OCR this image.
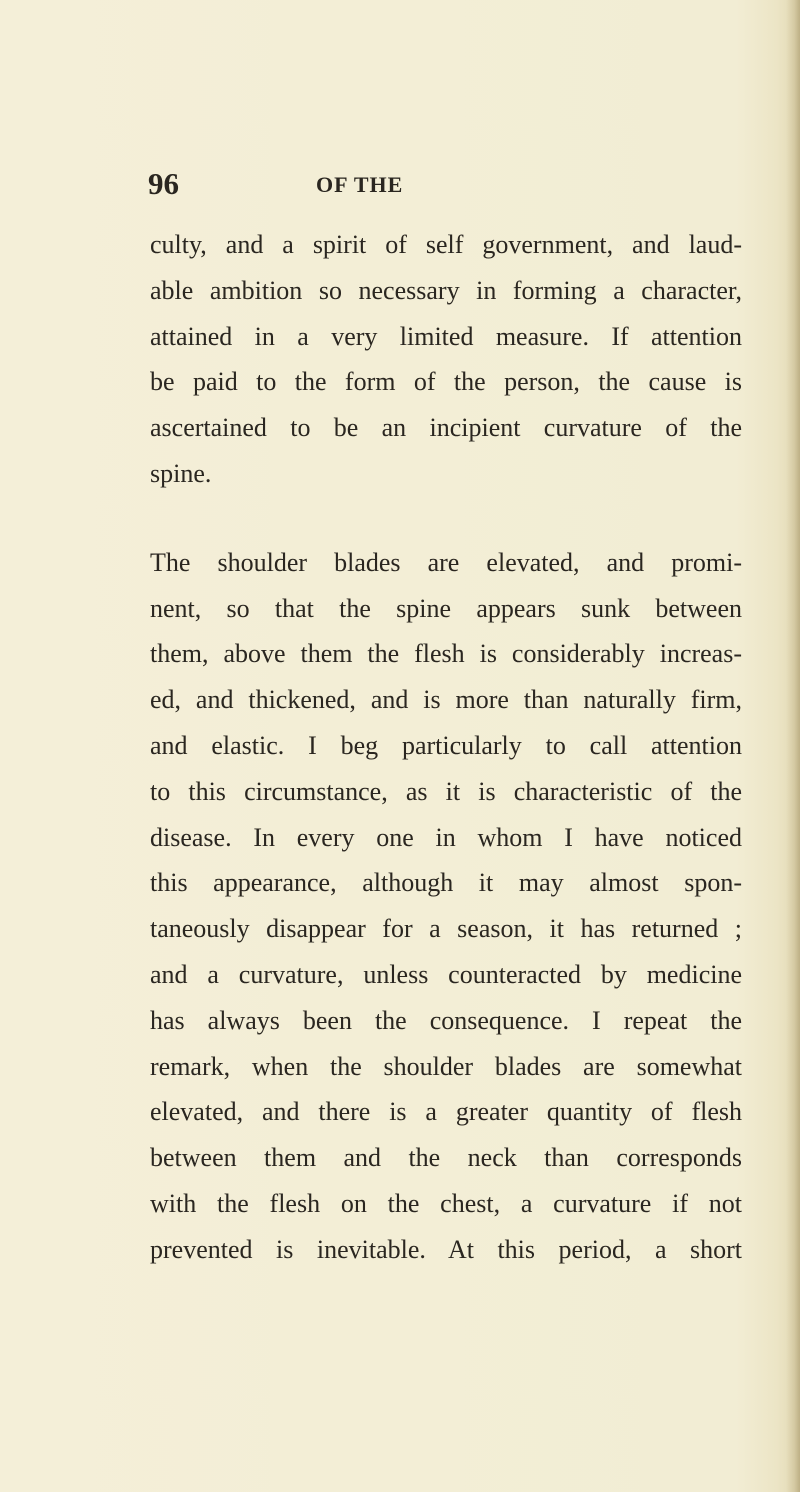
96	OF THE
culty, and a spirit of self government, and laud-
able ambition so necessary in forming a character,
attained in a very limited measure. If attention
be paid to the form of the person, the cause is
ascertained to be an incipient curvature of the
spine.
The shoulder blades are elevated, and promi-
nent, so that the spine appears sunk between
them, above them the flesh is considerably increas-
ed, and thickened, and is more than naturally firm,
and elastic. I beg particularly to call attention
to this circumstance, as it is characteristic of the
disease. In every one in whom I have noticed
this appearance, although it may almost spon-
taneously disappear for a season, it has returned ;
and a curvature, unless counteracted by medicine
has always been the consequence. I repeat the
remark, when the shoulder blades are somewhat
elevated, and there is a greater quantity of flesh
between them and the neck than corresponds
with the flesh on the chest, a curvature if not
prevented is inevitable. At this period, a short
